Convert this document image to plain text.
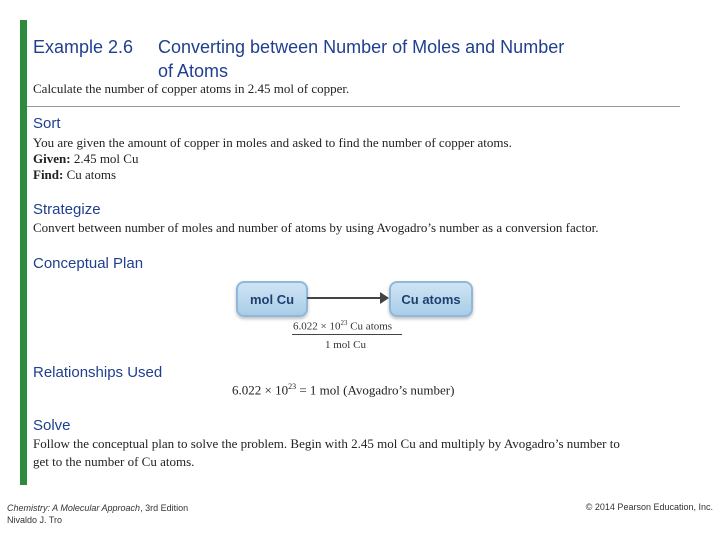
Example 2.6 Converting between Number of Moles and Number
of Atoms
Calculate the number of copper atoms in 2.45 mol of copper.
Sort
You are given the amount of copper in moles and asked to find the number of copper atoms.
Given: 2.45 mol Cu
Find: Cu atoms
Strategize
Convert between number of moles and number of atoms by using Avogadro’s number as a conversion factor.
Conceptual Plan
mol Cu	Cu atoms
$6.022 \times 10^{23}$ Cu atoms
1 mol Cu
Relationships Used
$6.022 \times 10^{23} = 1$ mol (Avogadro’s number)
Solve
Follow the conceptual plan to solve the problem. Begin with 2.45 mol Cu and multiply by Avogadro’s number to
get to the number of Cu atoms.
Chemistry: A Molecular Approach, 3rd Edition
Nivaldo J. Tro
© 2014 Pearson Education, Inc.
